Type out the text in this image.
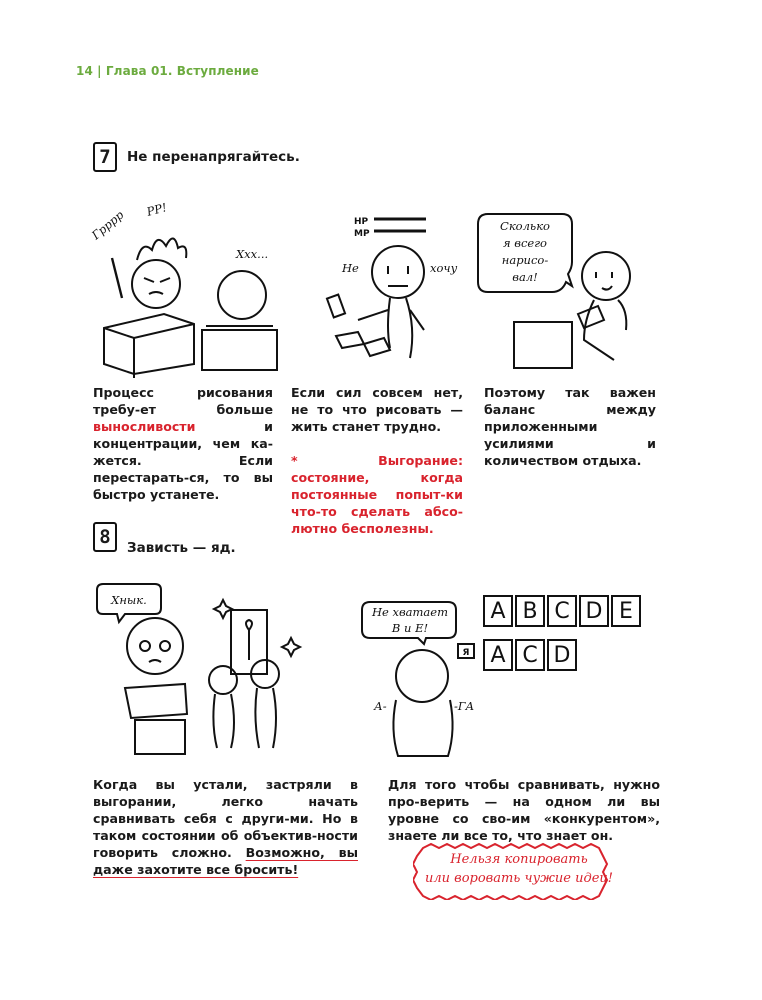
14 | Глава 01. Вступление
7	Не перенапрягайтесь.
Грррр РР!
Xxx...
HP
MP
Не	хочу
Сколько
я всего
нарисо-
вал!
Процесс рисования требу-ет больше выносливости и концентрации, чем ка-жется. Если перестарать-ся, то вы быстро устанете.
Если сил совсем нет, не то что рисовать — жить станет трудно.
* Выгорание: состояние, когда постоянные попыт-ки что-то сделать абсо-лютно бесполезны.
Поэтому так важен баланс между приложенными усилиями и количеством отдыха.
8	Зависть — яд.
Хнык.
Не хватает
В и Е!
A B C D E
A C D
Я
А-	-ГА
Когда вы устали, застряли в выгорании, легко начать сравнивать себя с други-ми. Но в таком состоянии об объектив-ности говорить сложно. Возможно, вы даже захотите все бросить!
Для того чтобы сравнивать, нужно про-верить — на одном ли вы уровне со сво-им «конкурентом», знаете ли все то, что знает он.
Нельзя копировать
или воровать чужие идеи!
